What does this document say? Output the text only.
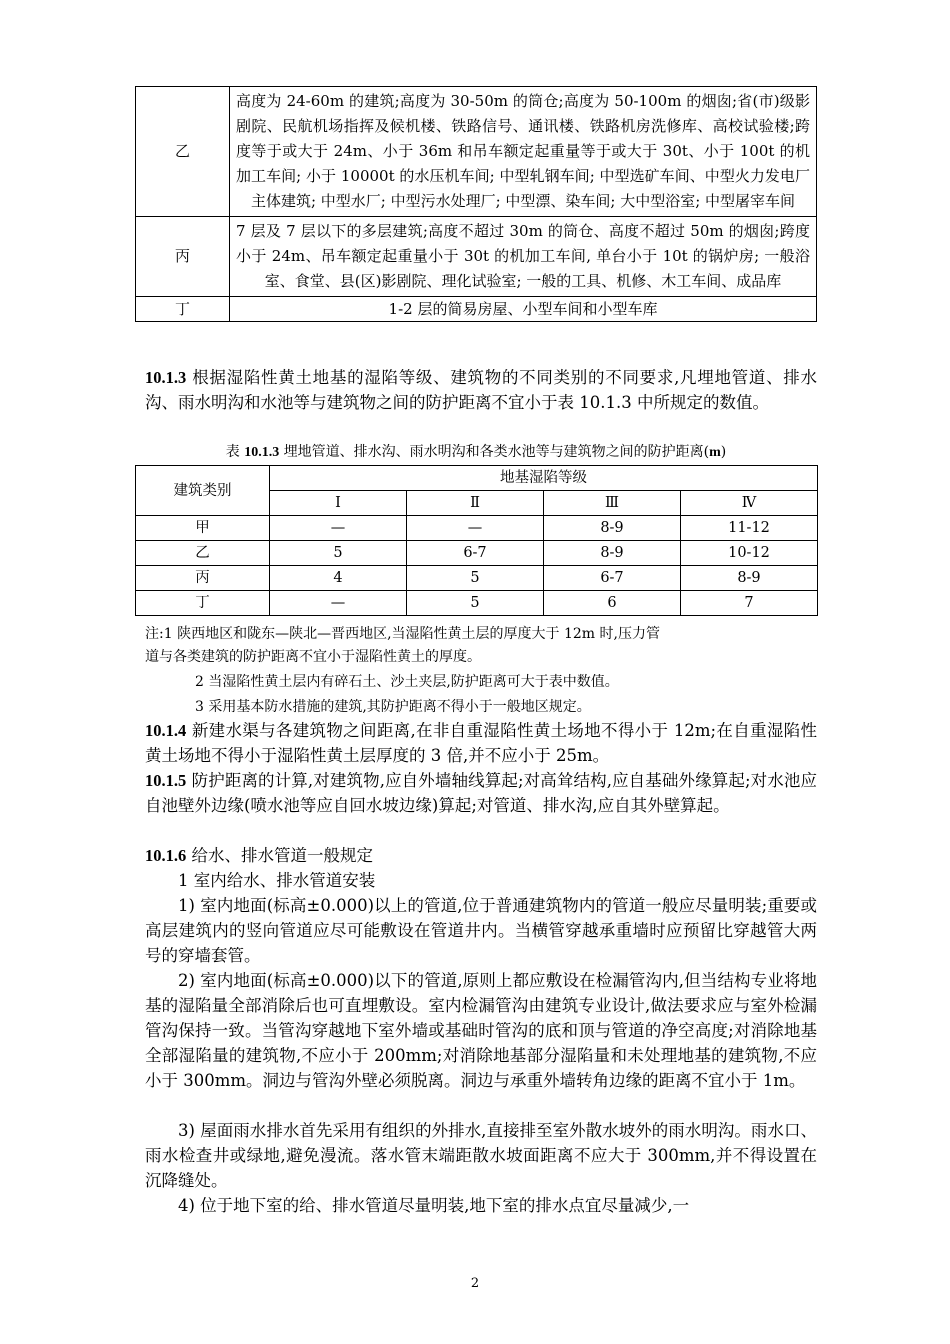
乙	高度为 24-60m 的建筑;高度为 30-50m 的筒仓;高度为 50-100m 的烟囱;省(市)级影剧院、民航机场指挥及候机楼、铁路信号、通讯楼、铁路机房洗修库、高校试验楼;跨度等于或大于 24m、小于 36m 和吊车额定起重量等于或大于 30t、小于 100t 的机加工车间; 小于 10000t 的水压机车间; 中型轧钢车间; 中型选矿车间、中型火力发电厂主体建筑; 中型水厂; 中型污水处理厂; 中型漂、染车间; 大中型浴室; 中型屠宰车间
丙	7 层及 7 层以下的多层建筑;高度不超过 30m 的筒仓、高度不超过 50m 的烟囱;跨度小于 24m、吊车额定起重量小于 30t 的机加工车间, 单台小于 10t 的锅炉房; 一般浴室、食堂、县(区)影剧院、理化试验室; 一般的工具、机修、木工车间、成品库
丁	1-2 层的简易房屋、小型车间和小型车库
10.1.3 根据湿陷性黄土地基的湿陷等级、建筑物的不同类别的不同要求,凡埋地管道、排水沟、雨水明沟和水池等与建筑物之间的防护距离不宜小于表 10.1.3 中所规定的数值。
表 10.1.3 埋地管道、排水沟、雨水明沟和各类水池等与建筑物之间的防护距离(m)
建筑类别	地基湿陷等级			
	Ⅰ	Ⅱ	Ⅲ	Ⅳ
甲	—	—	8-9	11-12
乙	5	6-7	8-9	10-12
丙	4	5	6-7	8-9
丁	—	5	6	7
注:1 陕西地区和陇东—陕北—晋西地区,当湿陷性黄土层的厚度大于 12m 时,压力管
道与各类建筑的防护距离不宜小于湿陷性黄土的厚度。
2 当湿陷性黄土层内有碎石土、沙土夹层,防护距离可大于表中数值。
3 采用基本防水措施的建筑,其防护距离不得小于一般地区规定。
10.1.4 新建水渠与各建筑物之间距离,在非自重湿陷性黄土场地不得小于 12m;在自重湿陷性黄土场地不得小于湿陷性黄土层厚度的 3 倍,并不应小于 25m。
10.1.5 防护距离的计算,对建筑物,应自外墙轴线算起;对高耸结构,应自基础外缘算起;对水池应自池壁外边缘(喷水池等应自回水坡边缘)算起;对管道、排水沟,应自其外壁算起。
10.1.6 给水、排水管道一般规定
1 室内给水、排水管道安装
1) 室内地面(标高±0.000)以上的管道,位于普通建筑物内的管道一般应尽量明装;重要或高层建筑内的竖向管道应尽可能敷设在管道井内。当横管穿越承重墙时应预留比穿越管大两号的穿墙套管。
2) 室内地面(标高±0.000)以下的管道,原则上都应敷设在检漏管沟内,但当结构专业将地基的湿陷量全部消除后也可直埋敷设。室内检漏管沟由建筑专业设计,做法要求应与室外检漏管沟保持一致。当管沟穿越地下室外墙或基础时管沟的底和顶与管道的净空高度;对消除地基全部湿陷量的建筑物,不应小于 200mm;对消除地基部分湿陷量和未处理地基的建筑物,不应小于 300mm。洞边与管沟外壁必须脱离。洞边与承重外墙转角边缘的距离不宜小于 1m。
3) 屋面雨水排水首先采用有组织的外排水,直接排至室外散水坡外的雨水明沟。雨水口、雨水检查井或绿地,避免漫流。落水管末端距散水坡面距离不应大于 300mm,并不得设置在沉降缝处。
4) 位于地下室的给、排水管道尽量明装,地下室的排水点宜尽量减少,一
2
